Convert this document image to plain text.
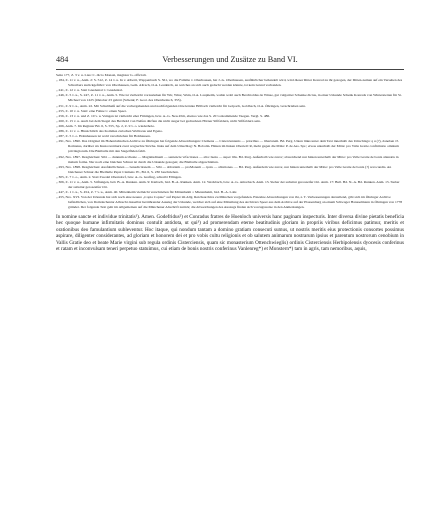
484	Verbesserungen und Zusätze zu Band VI.
Seite 177, Z. 3 v. u. Lies: C. dicto Monasi, magister G. officiali.
„ 184, Z. 11 v. u., Anm. 2: S. 512, Z. 14 v. u. In v. Alberti, Wappenbuch S. 561, wo die Familie v. Oberhausen, hat J.-G. Oberhausen, ausführlicher behandelt wird, wird dieser Ritter Konrad zu ihr gezogen, der Ditten-namen auf ein Versehen des Schreibers zurückgeführt: von Oberhausen, Gem. Altrach, O.A. Leutkirch, an welches an sich auch gedacht werden könnte, ist kein Grund vorhanden.
„ 241, Z. 12 v. u. Statt Gnadental l.: Gnadental.
„ 246, Z. 5 v. u., S. 247, Z. 11 v. u., Anm. 5. Wie ist vielleicht vorzuziehen für Wir, Winz, Wain, O.A. Laupheim, wohin wohl auch Berchtoldus de Winse, gut vulgariter Schenke dictus, in einer Urkunde Schenk Konrads von Winterstetten für St. Michael von 1225 (Oktober 23 gehört (Schenk; F. Geol. des Oberrheins 6, 355).
„ 251, Z. 9 v. u., Anm. 22. Mit Schultheiß auf die vorhergehenden und nachfolgenden Orte könnte Hölbach vielleicht für Golpach, Goldbach, O.A. Öhringen, verschrieben sein.
„ 255, Z. 10 v. u. Statt: eine Fahne l.: einen Speer.
„ 256, Z. 13 v. u. und Z. 10 v. u. Vaingen ist vielleicht eher Fimingen, bzw. A.-G. Neu-Ulm, ebenso wie das S. 20 vorkommende Vaegen. Vergl. S. 486.
„ 260, Z. 15 v. u. Auch bei dem Siegel des Berthold von Neifen dürften die nicht sieger bei gedruckten Hörner Siftfeldern, nicht Siftfeldern sein.
„ 266, Anm. 7. Im Register Bd. 6, S. 555, Sp. 2, Z. 9 v. o. wiederhole.
„ 286, Z. 11 v. o. Hinsichtlich des Kommas zwischen Walltorus und Egeno.
„ 287, Z. 5 v. o. Hohnhausen ist wohl verschrieben für Hohhausen.
„ 291, Nro. 1890. Das Original im Hohenlohischen Archive zu Öhringen hat folgende Abweichungen: Clemens — Cistercientenis — prioribus — libertatem. Bd. Perg. Unten links unter dem Text innerhalb des Umschlags: q u (?), daneben JJ. Romanus, darüber als Kustosvermerk zwei wagrechte Striche. links auf dem Umschlag: N. Bobolin. Hinten im linken Oberteil: R, mehr gegen die Mitte: P. de Ass. Spr.; etwas unterhalb der Mitte: pro Valle Gratie confirmatio omnium privilegiorum. Die Bleibulle mit den Siegelfäden fehlt.
„ 292, Nro. 1897. Desgleichen: Sibi — dunnum eccliesie — Magnitudinem — sentencie vrfactiones — alia: Isens — super libs. Bd. Perg. Außerhalb wie zuvor; abweichend nur hinten unterhalb der Mitte: pro Valle Gratie de bonis alienatis in malum forma. Nur noch eine bleichen Schnur ist durch die Urkunde gezogen; die Bleibulle abgeschnitten.
„ 293, Nro. 1898. Desgleichen: Ausfahrtlichsten — benedictionem — Sibi — abbatiam — proMonem — ipsis — ablationes. — Bd. Perg. Außerdem wie zuvor, nur hinten unterhalb der Mitte: pro Valle Gratie de bonis (?) revocandis. An bleichener Schnur die Bleibulle Papst Clemens IV., Bd. 6, S. 230 beschrieben.
„ 305, Z. 7 v. o., Anm. 2. Statt Zwedel Oberndorf, bzw. A.-G. Grefing, schreibt Ellingen.
„ 306, Z. 11 v. u., Anm. 5. Stiftungen, bzd. B.-A. Runken. Anm. 9: Kiebach, bzd. B.-A. Runken. Anm. 12. Weckbach, bzw. A.-G. Amorbach. Anm. 13. Sieber der subsitur geroszeifer Ort. Anm. 17: Bull. Bd. N.-A. Bd. Runken. Anm. 15. Sieber der subsitur geroszeifer Ort.
„ 447, Z. 1 v. u., S. 454, Z. 7 v. u., Anm. 40. Mittenheim vielleicht verschrieben für Mittenheim = Mietenheim, bzd. B.-A. Lohr.
„ 455, Nro. XVI. Von der Urkunde hat sich noch eine neuere „Copia Copiae“ auf Papier im Allg. Reichsarchive zu München vorgefunden. Einzelne Abweichungen von ihr, z. T. Verbesserungen darstellend, gibt sich im Öhringer Archive befindlichen, von Domdechantar Albrecht dasselbst herrührender Auszug der Urkunde, welcher sich auf eine Mitteilung des Archivars Speer aus dem Archive auf der Plassenburg an einem Schwager Hansselmann in Öhringen von 1778 gründet. Der folgende Text geht im Allgemeinen auf die Münchener Abschrift zurück; die Abweichungen des Auszugs finden sich vorzugsweise in den Anmerkungen.
In nomine sancte et individue trinitatis¹). Amen. Godefridus²) et Conradus fratres de Hoenloch universis hanc paginam inspecturis. Inter diversa divine pietatis beneficia hec quoque humane infirmitatis dominus contulit antidota, ut qui³) ad promerendam eterne beatitudinis gloriam in propriis viribus deficimus patimur, meritis et orationibus deo famulantium subleventur. Hoc itaque, qui nondum tantam a domino gratiam consecuti sumus, ut nostris meritis eius protectionis consortes possimus aspirare, diligenter considerantes, ad gloriam et honorem dei et pro vobis cultu religionis et ob salutem animarum nostrarum ipsius et parentum nostrorum cenobium in Vallis Gratie deo et beate Marie virgini sub regula ordinis Cisterciensis, quam sic monasterium Ottenchwieglis) ordinis Cisterciensis Herbipolensis dyocesis conferinus et ratam et inconvulsam teneri perpetuo statuimus, cui etiam de bonis nostris conferinus Vanlenreg*) et Monstern*) tam in agris, tam nemoribus, aquis,
